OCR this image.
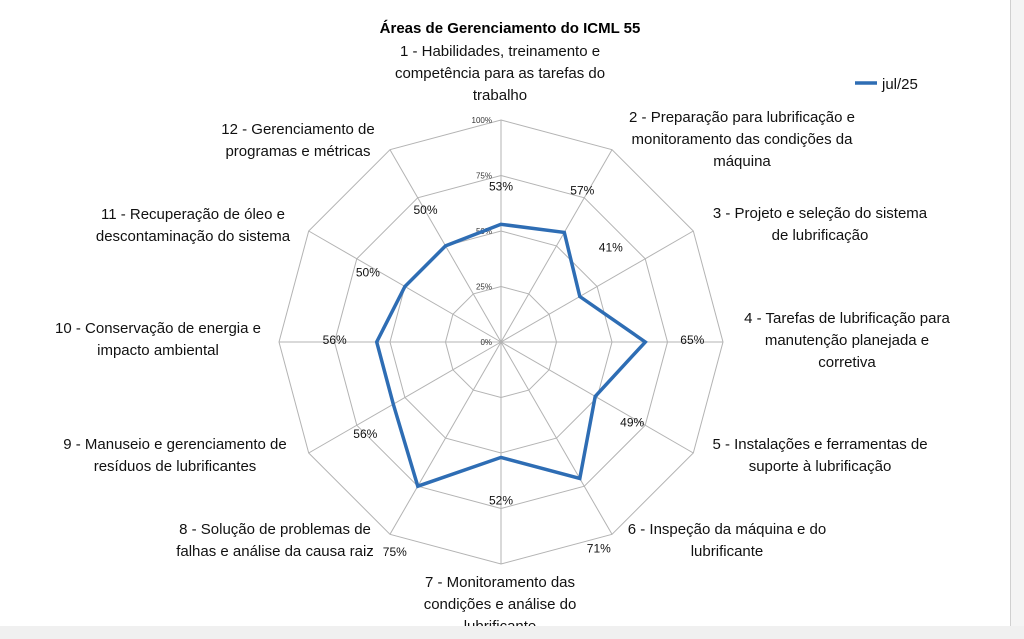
Áreas de Gerenciamento do ICML 55
0%
25%
50%
75%
100%
53%	57%
41%
65%
49%
71%
52%
75%
56%
56%
50%
50%
1 - Habilidades, treinamento e competência para as tarefas do trabalho
2 - Preparação para lubrificação e monitoramento das condições da máquina
3 - Projeto e seleção do sistema de lubrificação
4 - Tarefas de lubrificação para manutenção planejada e corretiva
5 - Instalações e ferramentas de suporte à lubrificação
6 - Inspeção da máquina e do lubrificante
7 - Monitoramento das condições e análise do
8 - Solução de problemas de falhas e análise da causa raiz
9 - Manuseio e gerenciamento de resíduos de lubrificantes
10 - Conservação de energia e impacto ambiental
11 - Recuperação de óleo e descontaminação do sistema
12 - Gerenciamento de programas e métricas
jul/25
